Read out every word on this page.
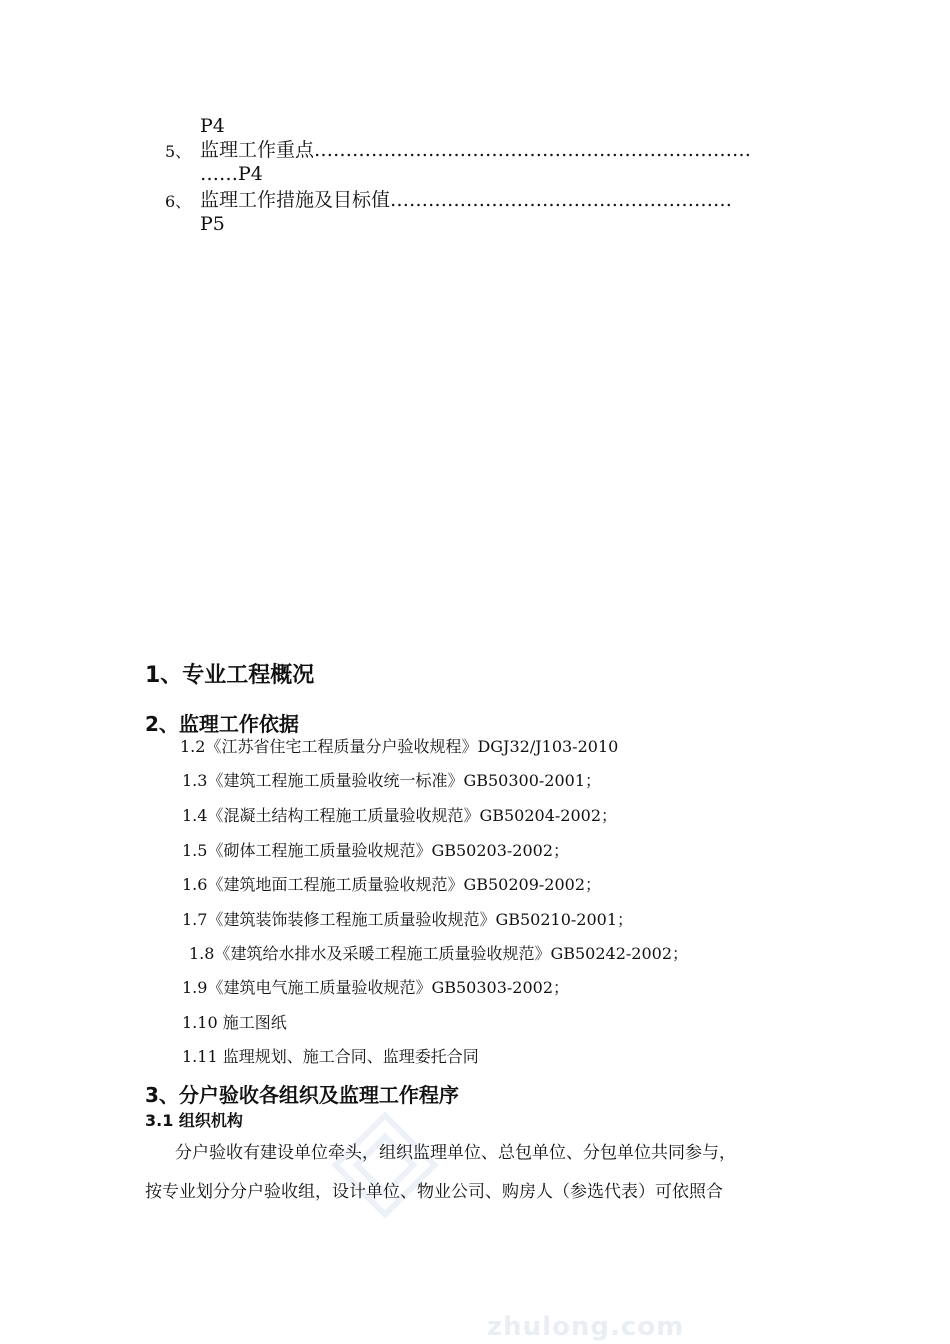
zhulong.com
P4
5、 监理工作重点……………………………………………………………
……P4
6、 监理工作措施及目标值………………………………………………
P5
1、专业工程概况
2、监理工作依据
1.2《江苏省住宅工程质量分户验收规程》DGJ32/J103-2010
1.3《建筑工程施工质量验收统一标准》GB50300-2001；
1.4《混凝土结构工程施工质量验收规范》GB50204-2002；
1.5《砌体工程施工质量验收规范》GB50203-2002；
1.6《建筑地面工程施工质量验收规范》GB50209-2002；
1.7《建筑装饰装修工程施工质量验收规范》GB50210-2001；
1.8《建筑给水排水及采暖工程施工质量验收规范》GB50242-2002；
1.9《建筑电气施工质量验收规范》GB50303-2002；
1.10 施工图纸
1.11 监理规划、施工合同、监理委托合同
3、分户验收各组织及监理工作程序
3.1 组织机构
分户验收有建设单位牵头，组织监理单位、总包单位、分包单位共同参与，
按专业划分分户验收组，设计单位、物业公司、购房人（参选代表）可依照合
